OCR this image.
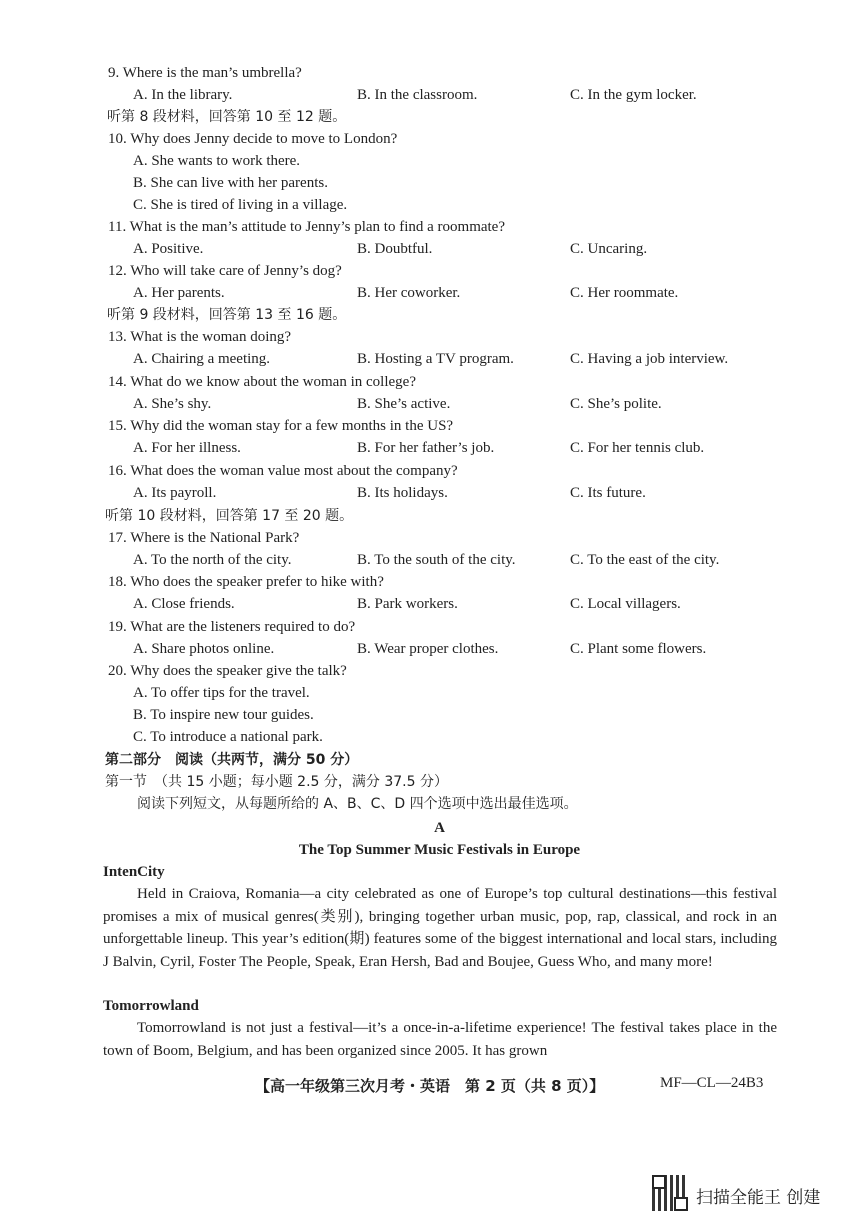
9. Where is the man’s umbrella?
A. In the library.	B. In the classroom.	C. In the gym locker.
听第 8 段材料，回答第 10 至 12 题。
10. Why does Jenny decide to move to London?
A. She wants to work there.
B. She can live with her parents.
C. She is tired of living in a village.
11. What is the man’s attitude to Jenny’s plan to find a roommate?
A. Positive.	B. Doubtful.	C. Uncaring.
12. Who will take care of Jenny’s dog?
A. Her parents.	B. Her coworker.	C. Her roommate.
听第 9 段材料，回答第 13 至 16 题。
13. What is the woman doing?
A. Chairing a meeting.	B. Hosting a TV program.	C. Having a job interview.
14. What do we know about the woman in college?
A. She’s shy.	B. She’s active.	C. She’s polite.
15. Why did the woman stay for a few months in the US?
A. For her illness.	B. For her father’s job.	C. For her tennis club.
16. What does the woman value most about the company?
A. Its payroll.	B. Its holidays.	C. Its future.
听第 10 段材料，回答第 17 至 20 题。
17. Where is the National Park?
A. To the north of the city.	B. To the south of the city.	C. To the east of the city.
18. Who does the speaker prefer to hike with?
A. Close friends.	B. Park workers.	C. Local villagers.
19. What are the listeners required to do?
A. Share photos online.	B. Wear proper clothes.	C. Plant some flowers.
20. Why does the speaker give the talk?
A. To offer tips for the travel.
B. To inspire new tour guides.
C. To introduce a national park.
第二部分　阅读（共两节，满分 50 分）
第一节　（共 15 小题；每小题 2.5 分，满分 37.5 分）
阅读下列短文，从每题所给的 A、B、C、D 四个选项中选出最佳选项。
A
The Top Summer Music Festivals in Europe
IntenCity
Held in Craiova, Romania—a city celebrated as one of Europe’s top cultural destinations—this festival promises a mix of musical genres(类别), bringing together urban music, pop, rap, classical, and rock in an unforgettable lineup. This year’s edition(期) features some of the biggest international and local stars, including J Balvin, Cyril, Foster The People, Speak, Eran Hersh, Bad and Boujee, Guess Who, and many more!
Tomorrowland
Tomorrowland is not just a festival—it’s a once-in-a-lifetime experience! The festival takes place in the town of Boom, Belgium, and has been organized since 2005. It has grown
【高一年级第三次月考・英语　第 2 页（共 8 页）】	MF—CL—24B3
扫描全能王 创建
